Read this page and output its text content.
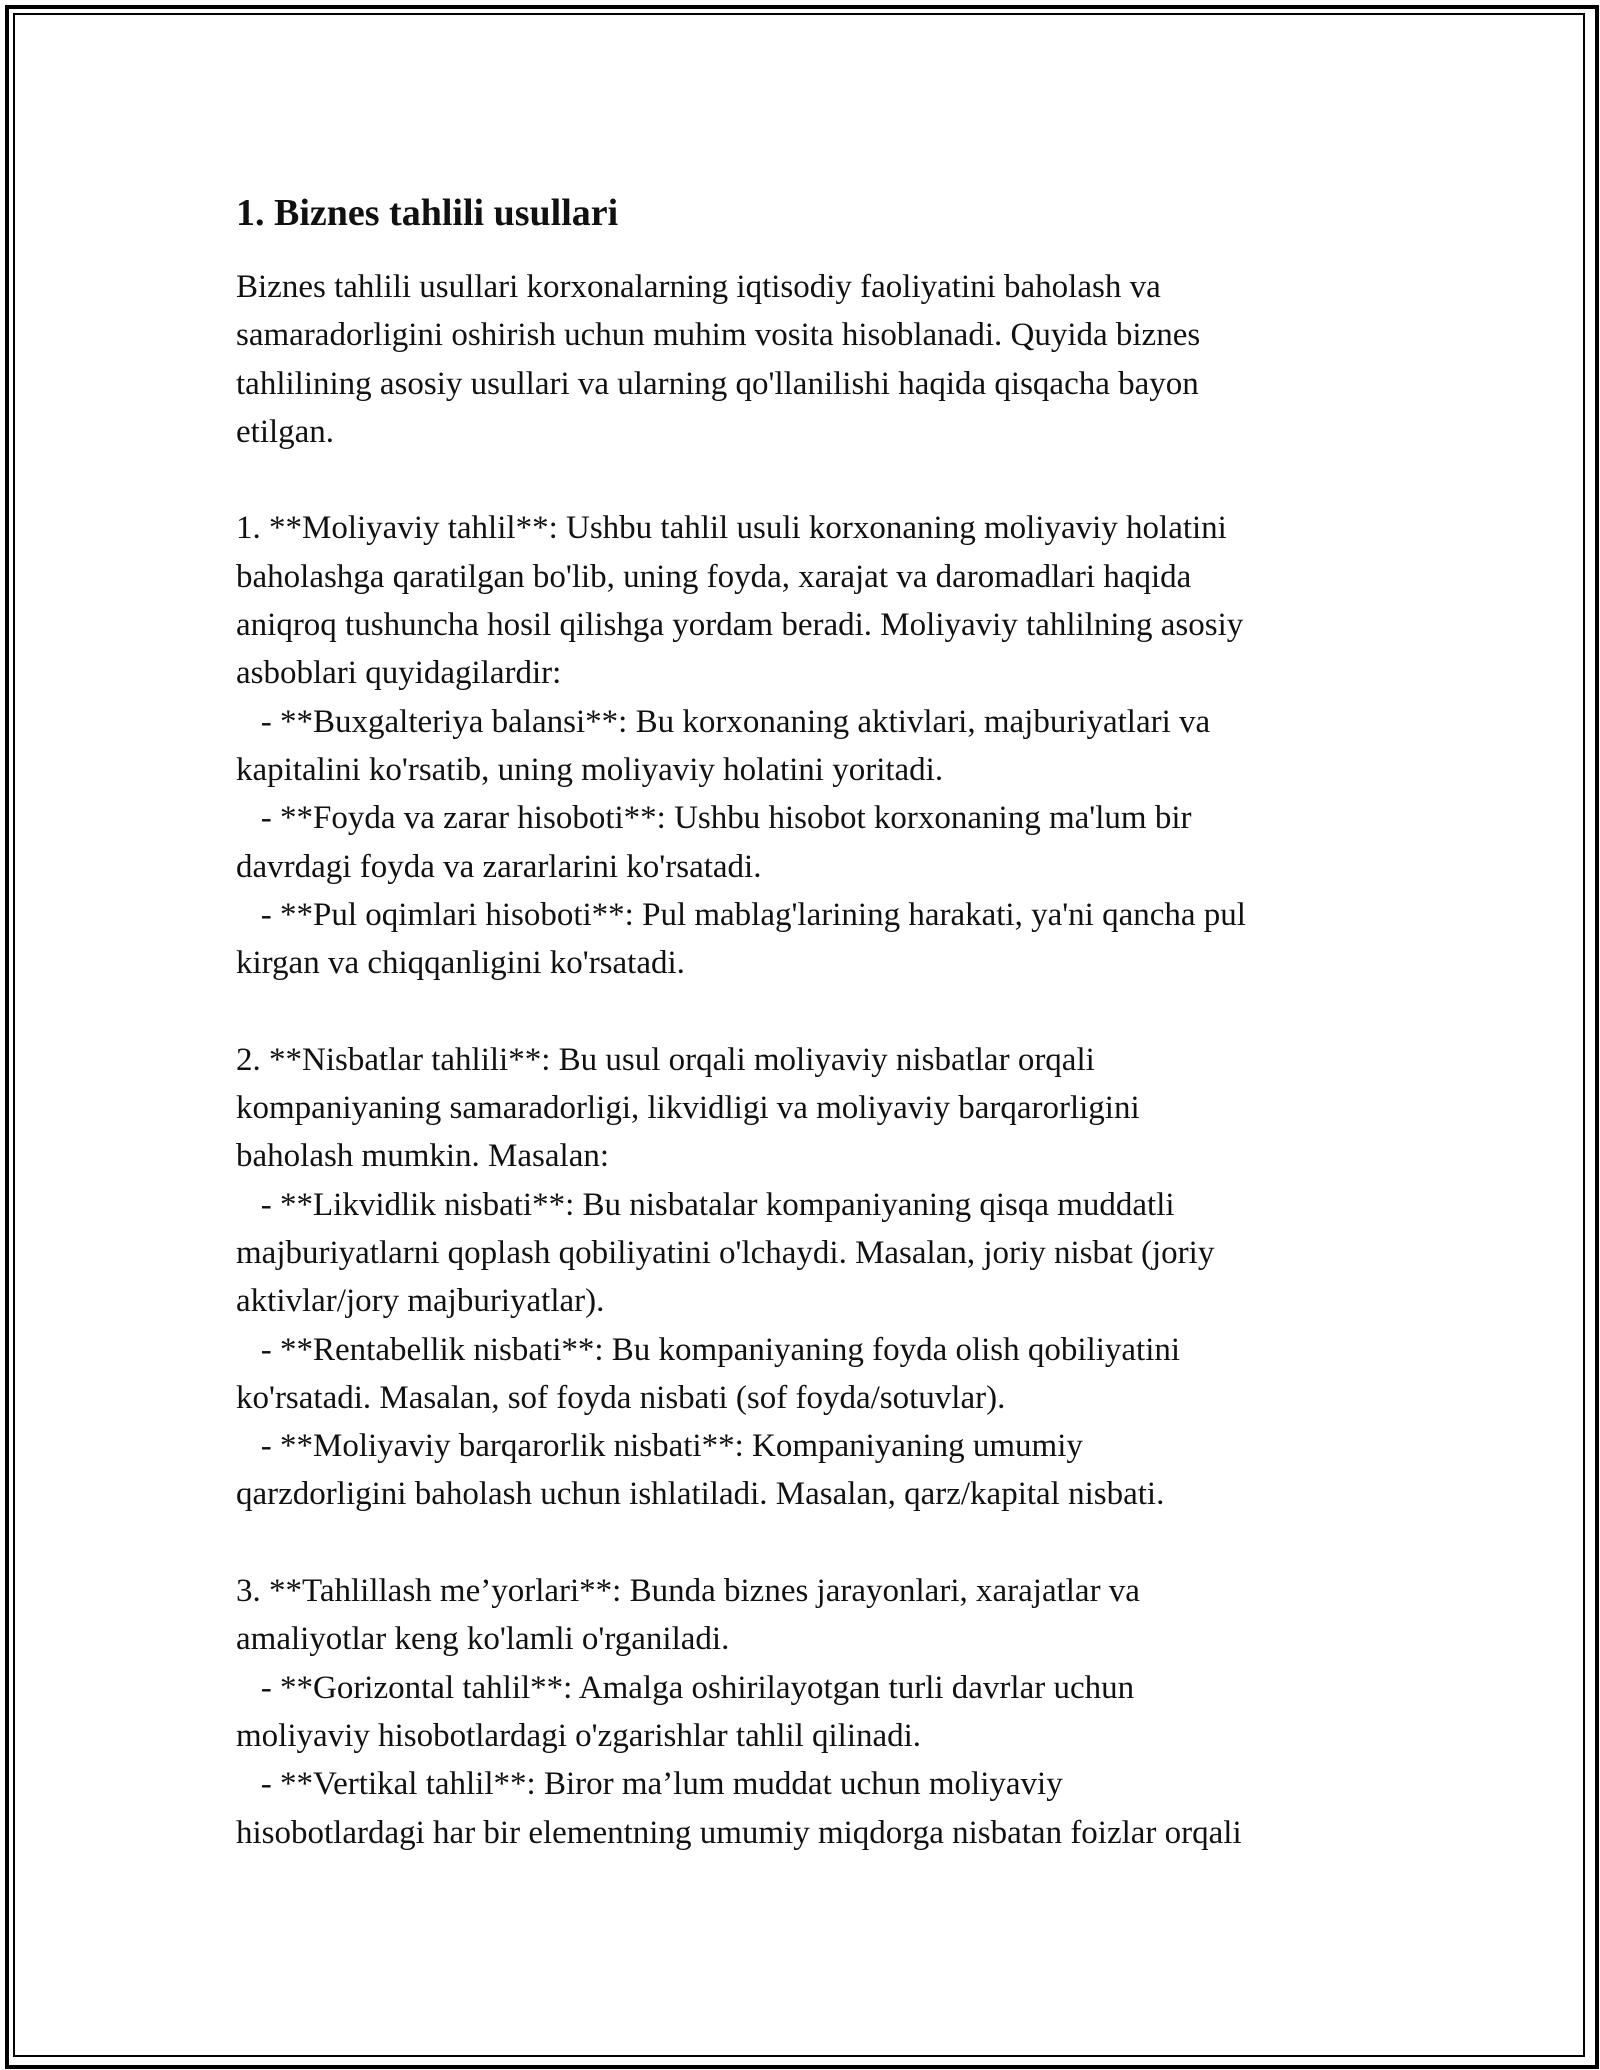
1. Biznes tahlili usullari

Biznes tahlili usullari korxonalarning iqtisodiy faoliyatini baholash va
samaradorligini oshirish uchun muhim vosita hisoblanadi. Quyida biznes
tahlilining asosiy usullari va ularning qo'llanilishi haqida qisqacha bayon
etilgan.

1. **Moliyaviy tahlil**: Ushbu tahlil usuli korxonaning moliyaviy holatini
baholashga qaratilgan bo'lib, uning foyda, xarajat va daromadlari haqida
aniqroq tushuncha hosil qilishga yordam beradi. Moliyaviy tahlilning asosiy
asboblari quyidagilardir:
- **Buxgalteriya balansi**: Bu korxonaning aktivlari, majburiyatlari va
kapitalini ko'rsatib, uning moliyaviy holatini yoritadi.
- **Foyda va zarar hisoboti**: Ushbu hisobot korxonaning ma'lum bir
davrdagi foyda va zararlarini ko'rsatadi.
- **Pul oqimlari hisoboti**: Pul mablag'larining harakati, ya'ni qancha pul
kirgan va chiqqanligini ko'rsatadi.

2. **Nisbatlar tahlili**: Bu usul orqali moliyaviy nisbatlar orqali
kompaniyaning samaradorligi, likvidligi va moliyaviy barqarorligini
baholash mumkin. Masalan:
- **Likvidlik nisbati**: Bu nisbatalar kompaniyaning qisqa muddatli
majburiyatlarni qoplash qobiliyatini o'lchaydi. Masalan, joriy nisbat (joriy
aktivlar/jory majburiyatlar).
- **Rentabellik nisbati**: Bu kompaniyaning foyda olish qobiliyatini
ko'rsatadi. Masalan, sof foyda nisbati (sof foyda/sotuvlar).
- **Moliyaviy barqarorlik nisbati**: Kompaniyaning umumiy
qarzdorligini baholash uchun ishlatiladi. Masalan, qarz/kapital nisbati.

3. **Tahlillash me’yorlari**: Bunda biznes jarayonlari, xarajatlar va
amaliyotlar keng ko'lamli o'rganiladi.
- **Gorizontal tahlil**: Amalga oshirilayotgan turli davrlar uchun
moliyaviy hisobotlardagi o'zgarishlar tahlil qilinadi.
- **Vertikal tahlil**: Biror ma’lum muddat uchun moliyaviy
hisobotlardagi har bir elementning umumiy miqdorga nisbatan foizlar orqali
